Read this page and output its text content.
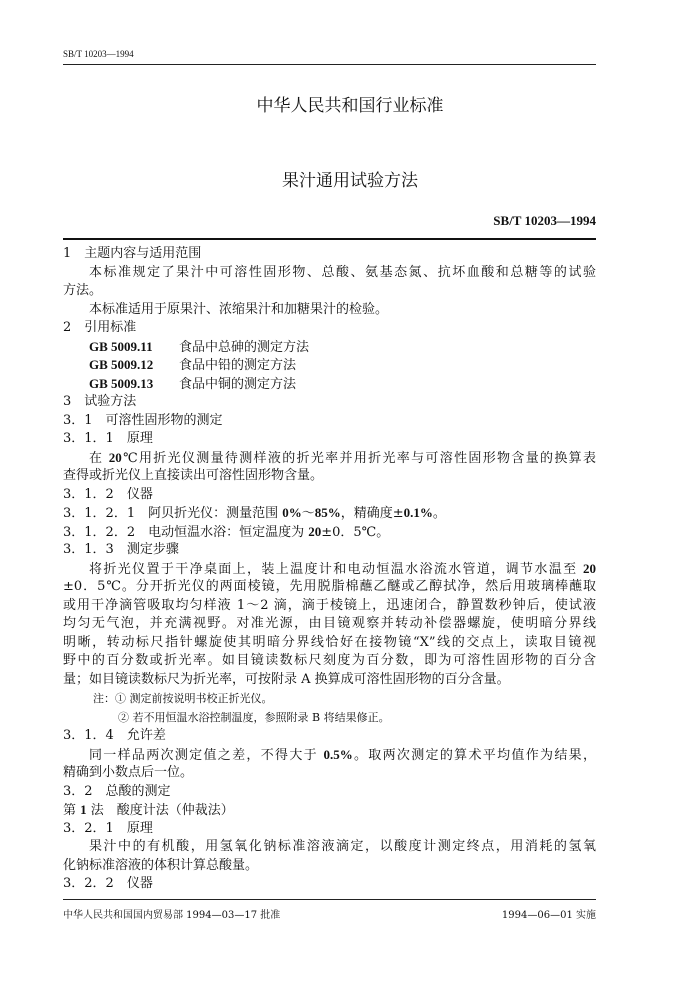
SB/T 10203—1994
中华人民共和国行业标准
果汁通用试验方法
SB/T 10203—1994
1　主题内容与适用范围
本标准规定了果汁中可溶性固形物、总酸、氨基态氮、抗坏血酸和总糖等的试验
方法。
本标准适用于原果汁、浓缩果汁和加糖果汁的检验。
2　引用标准
GB 5009.11 食品中总砷的测定方法
GB 5009.12 食品中铅的测定方法
GB 5009.13 食品中铜的测定方法
3　试验方法
3．1　可溶性固形物的测定
3．1．1　原理
在 20℃用折光仪测量待测样液的折光率并用折光率与可溶性固形物含量的换算表
查得或折光仪上直接读出可溶性固形物含量。
3．1．2　仪器
3．1．2．1　阿贝折光仪：测量范围 0%～85%，精确度±0.1%。
3．1．2．2　电动恒温水浴：恒定温度为 20±0．5℃。
3．1．3　测定步骤
将折光仪置于干净桌面上，装上温度计和电动恒温水浴流水管道，调节水温至 20
±0．5℃。分开折光仪的两面棱镜，先用脱脂棉蘸乙醚或乙醇拭净，然后用玻璃棒蘸取
或用干净滴管吸取均匀样液 1～2 滴，滴于棱镜上，迅速闭合，静置数秒钟后，使试液
均匀无气泡，并充满视野。对准光源，由目镜观察并转动补偿器螺旋，使明暗分界线
明晰，转动标尺指针螺旋使其明暗分界线恰好在接物镜“X”线的交点上，读取目镜视
野中的百分数或折光率。如目镜读数标尺刻度为百分数，即为可溶性固形物的百分含
量；如目镜读数标尺为折光率，可按附录 A 换算成可溶性固形物的百分含量。
注：① 测定前按说明书校正折光仪。
② 若不用恒温水浴控制温度，参照附录 B 将结果修正。
3．1．4　允许差
同一样品两次测定值之差，不得大于 0.5%。取两次测定的算术平均值作为结果，
精确到小数点后一位。
3．2　总酸的测定
第 1 法　酸度计法（仲裁法）
3．2．1　原理
果汁中的有机酸，用氢氧化钠标准溶液滴定，以酸度计测定终点，用消耗的氢氧
化钠标准溶液的体积计算总酸量。
3．2．2　仪器
中华人民共和国国内贸易部 1994—03—17 批准	1994—06—01 实施
